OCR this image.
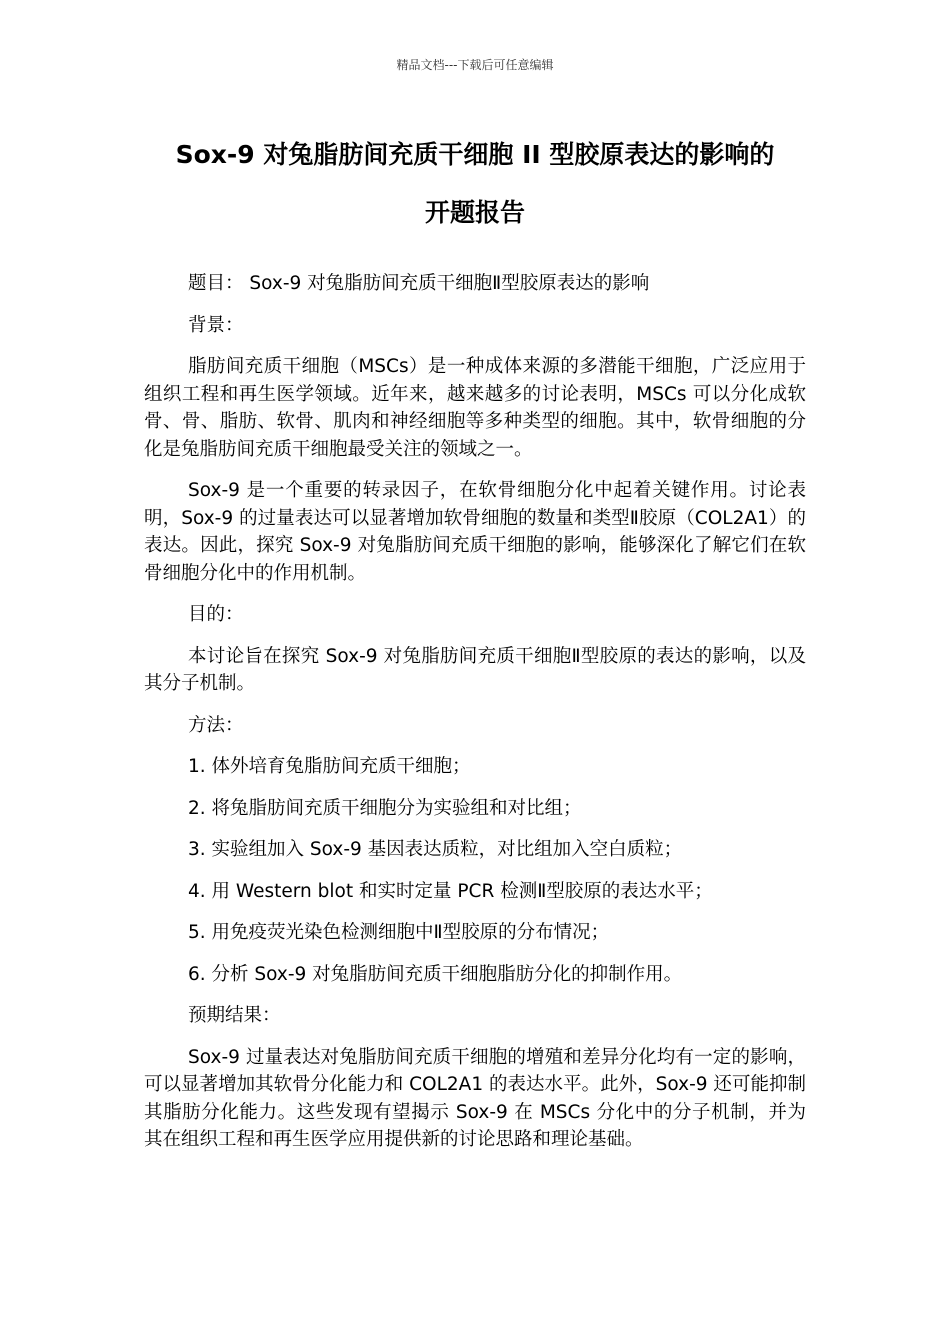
精品文档---下载后可任意编辑
Sox-9 对兔脂肪间充质干细胞 II 型胶原表达的影响的
开题报告

题目： Sox-9 对兔脂肪间充质干细胞Ⅱ型胶原表达的影响

背景：

脂肪间充质干细胞（MSCs）是一种成体来源的多潜能干细胞，广泛应用于组织工程和再生医学领域。近年来，越来越多的讨论表明，MSCs 可以分化成软骨、骨、脂肪、软骨、肌肉和神经细胞等多种类型的细胞。其中，软骨细胞的分化是兔脂肪间充质干细胞最受关注的领域之一。

Sox-9 是一个重要的转录因子，在软骨细胞分化中起着关键作用。讨论表明，Sox-9 的过量表达可以显著增加软骨细胞的数量和类型Ⅱ胶原（COL2A1）的表达。因此，探究 Sox-9 对兔脂肪间充质干细胞的影响，能够深化了解它们在软骨细胞分化中的作用机制。

目的：

本讨论旨在探究 Sox-9 对兔脂肪间充质干细胞Ⅱ型胶原的表达的影响，以及其分子机制。

方法：

1. 体外培育兔脂肪间充质干细胞；

2. 将兔脂肪间充质干细胞分为实验组和对比组；

3. 实验组加入 Sox-9 基因表达质粒，对比组加入空白质粒；

4. 用 Western blot 和实时定量 PCR 检测Ⅱ型胶原的表达水平；

5. 用免疫荧光染色检测细胞中Ⅱ型胶原的分布情况；

6. 分析 Sox-9 对兔脂肪间充质干细胞脂肪分化的抑制作用。

预期结果：

Sox-9 过量表达对兔脂肪间充质干细胞的增殖和差异分化均有一定的影响，可以显著增加其软骨分化能力和 COL2A1 的表达水平。此外，Sox-9 还可能抑制其脂肪分化能力。这些发现有望揭示 Sox-9 在 MSCs 分化中的分子机制，并为其在组织工程和再生医学应用提供新的讨论思路和理论基础。
